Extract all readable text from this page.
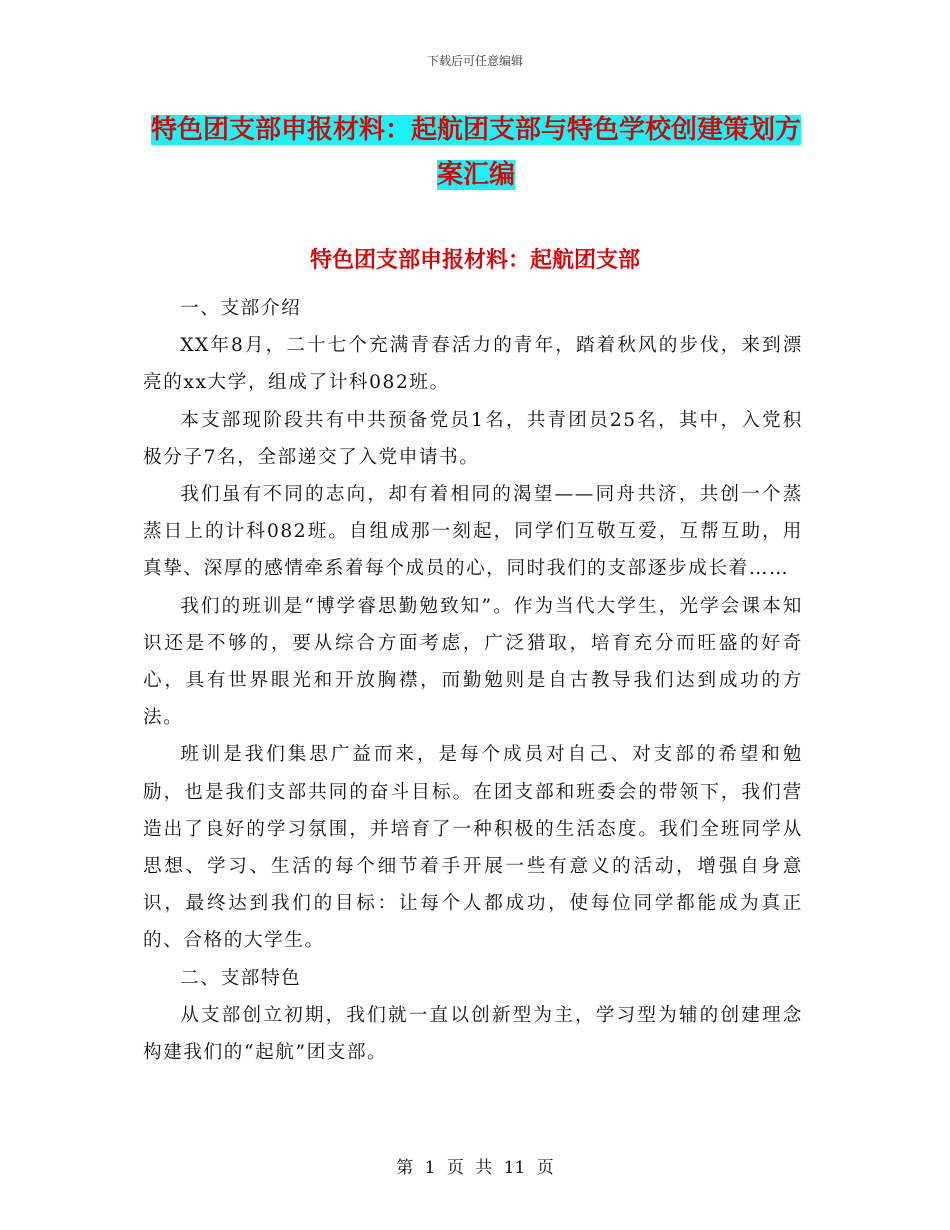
下载后可任意编辑
特色团支部申报材料：起航团支部与特色学校创建策划方案汇编
特色团支部申报材料：起航团支部

一、支部介绍

XX年8月，二十七个充满青春活力的青年，踏着秋风的步伐，来到漂亮的xx大学，组成了计科082班。

本支部现阶段共有中共预备党员1名，共青团员25名，其中，入党积极分子7名，全部递交了入党申请书。

我们虽有不同的志向，却有着相同的渴望——同舟共济，共创一个蒸蒸日上的计科082班。自组成那一刻起，同学们互敬互爱，互帮互助，用真挚、深厚的感情牵系着每个成员的心，同时我们的支部逐步成长着……

我们的班训是“博学睿思勤勉致知”。作为当代大学生，光学会课本知识还是不够的，要从综合方面考虑，广泛猎取，培育充分而旺盛的好奇心，具有世界眼光和开放胸襟，而勤勉则是自古教导我们达到成功的方法。

班训是我们集思广益而来，是每个成员对自己、对支部的希望和勉励，也是我们支部共同的奋斗目标。在团支部和班委会的带领下，我们营造出了良好的学习氛围，并培育了一种积极的生活态度。我们全班同学从思想、学习、生活的每个细节着手开展一些有意义的活动，增强自身意识，最终达到我们的目标：让每个人都成功，使每位同学都能成为真正的、合格的大学生。

二、支部特色

从支部创立初期，我们就一直以创新型为主，学习型为辅的创建理念构建我们的“起航”团支部。

第 1 页 共 11 页
